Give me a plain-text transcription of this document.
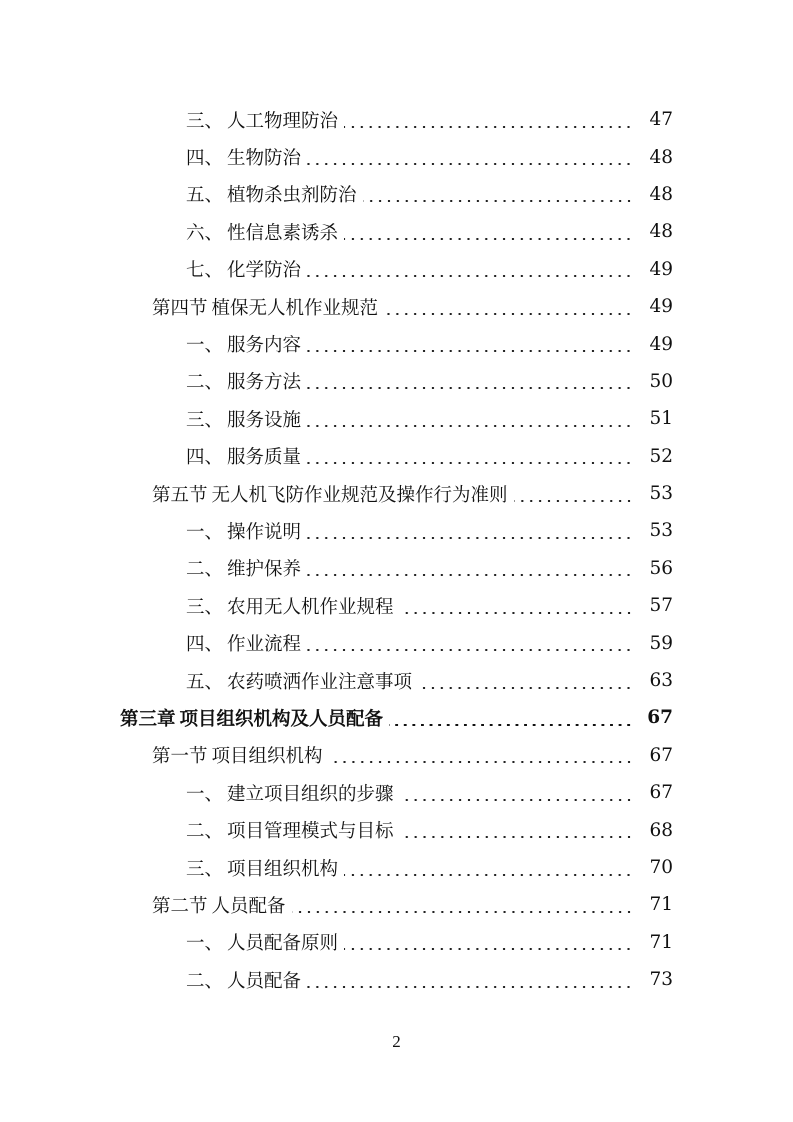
三、 人工物理防治	47
四、 生物防治	48
五、 植物杀虫剂防治	48
六、 性信息素诱杀	48
七、 化学防治	49
第四节 植保无人机作业规范	49
一、 服务内容	49
二、 服务方法	50
三、 服务设施	51
四、 服务质量	52
第五节 无人机飞防作业规范及操作行为准则	53
一、 操作说明	53
二、 维护保养	56
三、 农用无人机作业规程	57
四、 作业流程	59
五、 农药喷洒作业注意事项	63
第三章 项目组织机构及人员配备	67
第一节 项目组织机构	67
一、 建立项目组织的步骤	67
二、 项目管理模式与目标	68
三、 项目组织机构	70
第二节 人员配备	71
一、 人员配备原则	71
二、 人员配备	73
2
